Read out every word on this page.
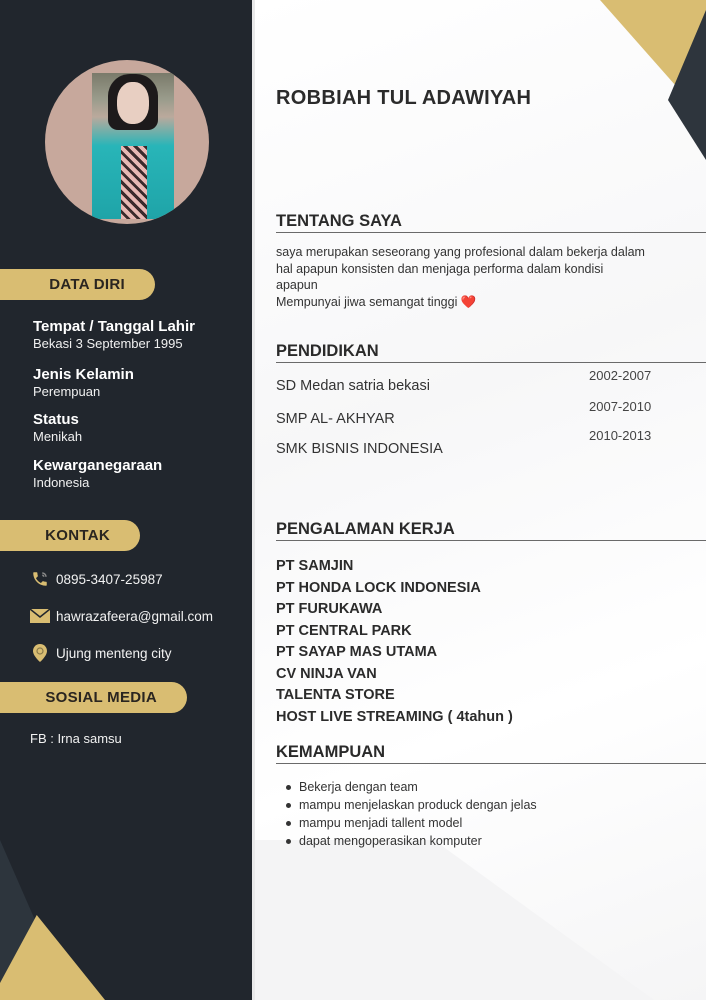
DATA DIRI
Tempat / Tanggal Lahir
Bekasi 3 September 1995
Jenis Kelamin
Perempuan
Status
Menikah
Kewarganegaraan
Indonesia
KONTAK
0895-3407-25987
hawrazafeera@gmail.com
Ujung menteng city
SOSIAL MEDIA
FB : Irna samsu
ROBBIAH TUL ADAWIYAH
TENTANG SAYA
saya merupakan seseorang yang profesional dalam bekerja dalam
hal apapun konsisten dan menjaga performa dalam kondisi
apapun
Mempunyai jiwa semangat tinggi ❤️
PENDIDIKAN
SD Medan satria bekasi
2002-2007
SMP AL- AKHYAR
2007-2010
SMK BISNIS INDONESIA
2010-2013
PENGALAMAN KERJA
PT SAMJIN
PT HONDA LOCK INDONESIA
PT FURUKAWA
PT CENTRAL PARK
PT SAYAP MAS UTAMA
CV NINJA VAN
TALENTA STORE
HOST LIVE STREAMING ( 4tahun )
KEMAMPUAN
Bekerja dengan team
mampu menjelaskan produck dengan jelas
mampu menjadi tallent model
dapat mengoperasikan komputer
